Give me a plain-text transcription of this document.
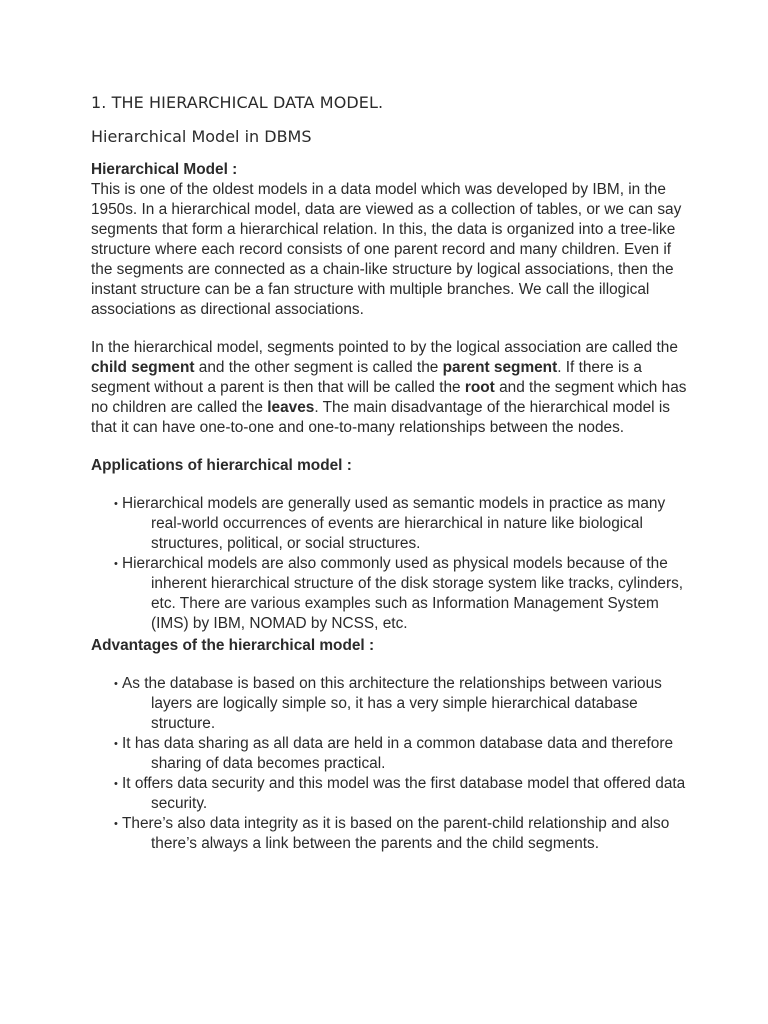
1. THE HIERARCHICAL DATA MODEL.
Hierarchical Model in DBMS
Hierarchical Model :

This is one of the oldest models in a data model which was developed by IBM, in the 1950s. In a hierarchical model, data are viewed as a collection of tables, or we can say segments that form a hierarchical relation. In this, the data is organized into a tree-like structure where each record consists of one parent record and many children. Even if the segments are connected as a chain-like structure by logical associations, then the instant structure can be a fan structure with multiple branches. We call the illogical associations as directional associations.

In the hierarchical model, segments pointed to by the logical association are called the child segment and the other segment is called the parent segment. If there is a segment without a parent is then that will be called the root and the segment which has no children are called the leaves. The main disadvantage of the hierarchical model is that it can have one-to-one and one-to-many relationships between the nodes.

Applications of hierarchical model :
• Hierarchical models are generally used as semantic models in practice as many real-world occurrences of events are hierarchical in nature like biological structures, political, or social structures.
• Hierarchical models are also commonly used as physical models because of the inherent hierarchical structure of the disk storage system like tracks, cylinders, etc. There are various examples such as Information Management System (IMS) by IBM, NOMAD by NCSS, etc.
Advantages of the hierarchical model :
• As the database is based on this architecture the relationships between various layers are logically simple so, it has a very simple hierarchical database structure.
• It has data sharing as all data are held in a common database data and therefore sharing of data becomes practical.
• It offers data security and this model was the first database model that offered data security.
• There’s also data integrity as it is based on the parent-child relationship and also there’s always a link between the parents and the child segments.
